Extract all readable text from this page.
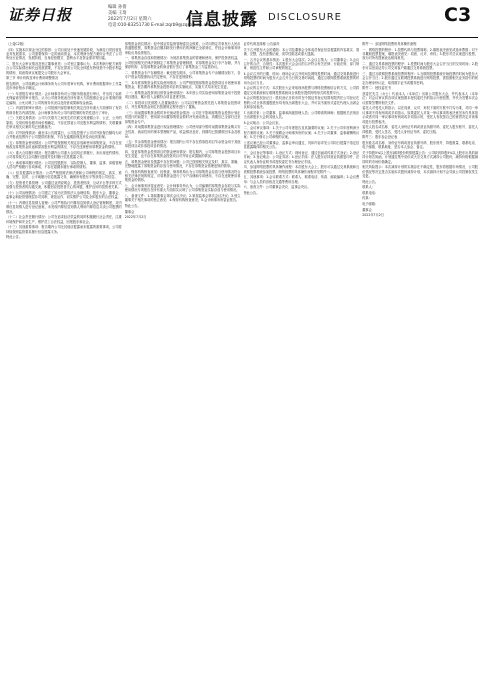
证券日报	编辑 孙倩
美编 王琦
2022年7月2日 星期六
电话:010-83251730 E-mail:zqrb9@zqrb.sina.net
信息披露 DISCLOSURE	C3

（上接C2版）

（四）实施本次现金分红的原因：公司目前处于快速发展阶段，为满足日常经营及业务发展需求，公司需要保持一定的流动资金，本次利润分配方案综合考虑了公司所处行业情况、发展阶段、自身经营模式、盈利水平及资金需求等因素。

二、股东大会审议情况及独立董事意见：公司独立董事认为，本次利润分配方案符合公司实际情况和长远发展需要，不存在损害公司及全体股东特别是中小股东利益的情形，同意将该议案提交公司股东大会审议。

第三节 审计机构及审计费用调整情况

报告期内，公司续聘会计师事务所为公司年度审计机构，审计费用根据审计工作量及市场价格水平确定。

（一）年度报告审计情况：会计师事务所对公司财务报表进行审计，并出具了标准无保留意见的审计报告，认为公司财务报表在所有重大方面按照企业会计准则的规定编制，公允反映了公司的财务状况以及经营成果和现金流量。

（二）内部控制审计情况：公司按照内部控制相关规定在所有重大方面保持了有效的财务报告内部控制，会计师事务所对公司内部控制的有效性进行了审计。

（三）关联交易情况：公司与关联方之间发生的关联交易遵循公平、公正、公开的原则，交易价格参照市场价格确定，不存在损害公司及股东利益的情形，关联董事在审议相关议案时均已回避表决。

（四）对外担保情况：截至本公告披露日，公司及控股子公司对外担保总额均为对合并报表范围内子公司提供的担保，不存在逾期担保及涉及诉讼的担保。

（五）募集资金使用情况：公司严格按照相关规定存放和使用募集资金，不存在变相改变募集资金用途和损害股东利益的情况，不存在违规使用募集资金的情形。

（六）重大合同履行情况：报告期内公司重大合同均正常履行，未出现违约情形，公司将持续关注合同履行进展并及时履行信息披露义务。

（七）承诺事项履行情况：公司及控股股东、实际控制人、董事、监事、高级管理人员均严格履行各项承诺，不存在超期未履行承诺的情形。

（八）信息披露执行情况：公司严格按照法律法规和公司章程的规定，真实、准确、完整、及时、公平地履行信息披露义务，确保所有股东平等获得公司信息。

（九）投资者关系管理：公司通过业绩说明会、投资者热线、互动平台等多种方式加强与投资者的沟通交流，积极回应投资者关心的问题，维护良好的投资者关系。

（十）公司治理情况：公司建立了较为完善的法人治理结构，股东大会、董事会、监事会和经营管理层各司其职、规范运作，切实维护公司及全体股东的合法权益。

（十一）内幕信息知情人管理：公司严格执行内幕信息知情人登记管理制度，对内幕信息知情人进行登记备案，未发现内幕信息知情人利用内幕信息买卖公司股票的情况。

（十二）社会责任履行情况：公司在追求经济效益的同时积极履行社会责任，注重环境保护和安全生产，维护员工合法权益，回报股东和社会。

（十三）其他重要事项：报告期内公司无其他应披露而未披露的重要事项，公司将持续按照监管要求履行信息披露义务。

特此公告。

募集资金到位情况：经中国证券监督管理委员会核准，公司向特定对象发行人民币普通股股票，募集资金总额扣除发行费用后的净额已全部到位，并经会计师事务所审验出具验资报告。

一、募集资金存放和管理情况：为规范募集资金的管理和使用，保护投资者权益，公司依照相关法律法规制定了募集资金管理制度，对募集资金实行专户存储，并与保荐机构、存放募集资金的商业银行签订了募集资金三方监管协议。

二、募集资金专户存储情况：截至报告期末，公司募集资金专户余额情况如下，各专户资金均按照协议约定使用，不存在违规情形。

三、本年度募集资金的实际使用情况：公司严格按照募集资金投资项目计划使用募集资金，报告期内募集资金投资项目的实施地点、实施方式均未发生变更。

（一）募集资金投资项目的资金使用情况：本年度公司实际使用募集资金用于投资项目建设，累计投入金额符合项目进度安排。

（二）募投项目先期投入及置换情况：公司以自筹资金预先投入募集资金投资项目，并在募集资金到位后按照规定程序进行了置换。

（三）用闲置募集资金暂时补充流动资金情况：公司在不影响募集资金投资计划正常进行的前提下，使用部分闲置募集资金暂时补充流动资金，到期后已全部归还至募集资金专户。

（四）对闲置募集资金进行现金管理情况：公司使用部分暂时闲置募集资金购买安全性高、流动性好的保本型理财产品，收益情况良好，到期均已按期收回本金及收益。

（五）节余募集资金使用情况：报告期内公司不存在将募投项目节余资金用于其他募投项目或非募投项目的情况。

四、变更募集资金投资项目的资金使用情况：报告期内，公司募集资金投资项目未发生变更，也不存在募集资金投资项目对外转让或置换的情况。

五、募集资金使用及披露中存在的问题：公司已按照相关规定及时、真实、准确、完整地披露了募集资金的存放与使用情况，不存在募集资金管理违规的情形。

六、保荐机构核查意见：经核查，保荐机构认为公司募集资金存放与使用情况符合相关法律法规的规定，对募集资金进行了专户存储和专项使用，不存在违规使用募集资金的情形。

七、会计师事务所鉴证意见：会计师事务所认为，公司编制的募集资金存放与实际使用情况专项报告在所有重大方面如实反映了公司募集资金实际存放与使用情况。

八、备查文件：1.第届董事会第次会议决议；2.第届监事会第次会议决议；3.独立董事关于相关事项的独立意见；4.保荐机构核查意见；5.会计师事务所鉴证报告。

特此公告。

董事会

2022年7月2日

证券代码及简称 公告编号

关于召开股东大会的通知：本公司及董事会全体成员保证信息披露的内容真实、准确、完整，没有虚假记载、误导性陈述或重大遗漏。

一、召开会议的基本情况：1.股东大会届次；2.会议召集人：公司董事会；3.会议召开的合法、合规性：本次股东大会会议的召开符合有关法律、行政法规、部门规章、规范性文件和公司章程的规定。

4.会议召开的日期、时间：现场会议召开时间及网络投票时间，通过交易系统进行网络投票的时间为股东大会召开当日的交易时间段，通过互联网投票系统投票的时间为会议当日。

5.会议的召开方式：本次股东大会采取现场投票与网络投票相结合的方式，公司将通过交易系统和互联网投票系统向全体股东提供网络形式的投票平台。

6.会议的股权登记日：股权登记日收市时在中国证券登记结算有限责任公司登记在册的公司全体普通股股东均有权出席股东大会，并可以书面形式委托代理人出席会议和参加表决。

7.出席对象：公司董事、监事和高级管理人员；公司聘请的律师；根据相关法规应当出席股东大会的其他人员。

8.会议地点：公司会议室。

二、会议审议事项：1.关于公司年度报告及其摘要的议案；2.关于公司年度利润分配方案的议案；3.关于续聘会计师事务所的议案；4.关于公司董事、监事薪酬的议案；5.关于修订公司章程的议案。

上述议案已经公司董事会、监事会审议通过，具体内容详见公司同日披露于指定信息披露媒体的相关公告。

三、会议登记等事项：1.登记方式：现场登记、通过信函或传真方式登记；2.登记时间；3.登记地点：公司证券部；4.登记手续：法人股东应持营业执照复印件、法定代表人身份证明书或授权委托书办理登记手续。

四、参加网络投票的具体操作流程：本次股东大会上，股东可以通过交易系统和互联网投票系统参加投票，网络投票的具体操作流程详见附件一。

五、其他事项：1.会议联系方式：联系人、联系电话、传真、邮政编码；2.会议费用：与会人员的食宿及交通等费用自理。

六、备查文件：公司董事会决议、监事会决议。

特此公告。

附件一：参加网络投票的具体操作流程

一、网络投票的程序：1.投票代码与投票简称；2.填报表决意见或选举票数：对于非累积投票提案，填报表决意见：同意、反对、弃权；3.股东对总议案进行投票，视为对所有提案表达相同意见。

二、通过交易系统投票的程序：1.投票时间为股东大会召开当日的交易时间；2.股东可以登录证券公司交易客户端通过交易系统投票。

三、通过互联网投票系统投票的程序：1.互联网投票系统开始投票的时间为股东大会召开当日；2.股东通过互联网投票系统进行网络投票，需按照相关业务指引的规定办理身份认证，取得数字证书或服务密码。

附件二：授权委托书

兹委托先生（女士）代表本人（本单位）出席公司股东大会，并代表本人（本单位）对会议审议的各项议案按照本授权委托书的指示行使投票，并代为签署本次会议需要签署的相关文件。

委托人对受托人的指示，以在同意、反对、弃权下面的方框中打勾为准，对同一审议事项不得有两项或多项指示。如果委托人对某一审议事项的表决意见未作具体指示或者对同一审议事项有两项或多项指示的，受托人有权按自己的意思决定对该事项进行投票表决。

委托人姓名或名称、委托人身份证号码或营业执照号码、委托人股东账号、委托人持股数、受托人签名、受托人身份证号码、委托日期。

附件三：股东参会登记表

股东姓名或名称、身份证号码或营业执照号码、股东账号、持股数量、联系电话、电子邮箱、联系地址、是否本人参会、备注。

关于持股5%以上股东减持股份的预披露公告：公司收到持股5%以上股东出具的减持计划告知函，计划通过集中竞价或大宗交易方式减持公司股份，减持价格根据减持时的市场价格确定。

相关风险提示：本次减持计划的实施存在不确定性，股东将根据市场情况、公司股价情况等决定是否实施本次股份减持计划，本次减持计划不会导致公司控制权发生变更。

特此公告。

联系人：

联系电话：

传真：

电子邮箱：

董事会

2022年7月2日
